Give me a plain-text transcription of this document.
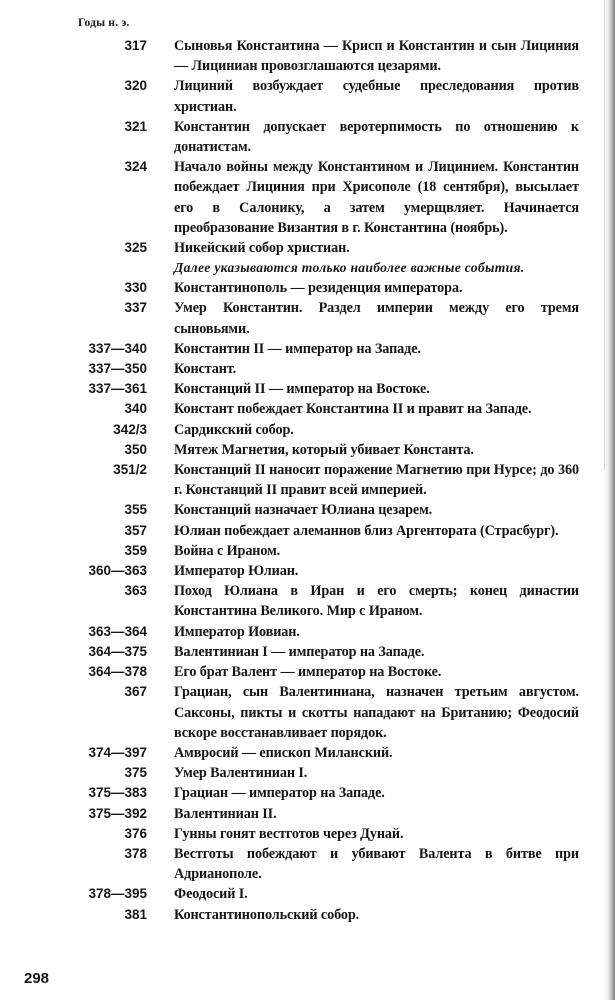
Годы н. э.
317	Сыновья Константина — Крисп и Константин и сын Лициния — Лициниан провозглашаются цезарями.
320	Лициний возбуждает судебные преследования против христиан.
321	Константин допускает веротерпимость по отношению к донатистам.
324	Начало войны между Константином и Лицинием. Константин побеждает Лициния при Хрисополе (18 сентября), высылает его в Салонику, а затем умерщвляет. Начинается преобразование Византия в г. Константина (ноябрь).
325	Никейский собор христиан.
Далее указываются только наиболее важные события.
330	Константинополь — резиденция императора.
337	Умер Константин. Раздел империи между его тремя сыновьями.
337—340	Константин II — император на Западе.
337—350	Констант.
337—361	Констанций II — император на Востоке.
340	Констант побеждает Константина II и правит на Западе.
342/3	Сардикский собор.
350	Мятеж Магнетия, который убивает Константа.
351/2	Констанций II наносит поражение Магнетию при Нурсе; до 360 г. Констанций II правит всей империей.
355	Констанций назначает Юлиана цезарем.
357	Юлиан побеждает алеманнов близ Аргентората (Страсбург).
359	Война с Ираном.
360—363	Император Юлиан.
363	Поход Юлиана в Иран и его смерть; конец династии Константина Великого. Мир с Ираном.
363—364	Император Иовиан.
364—375	Валентиниан I — император на Западе.
364—378	Его брат Валент — император на Востоке.
367	Грациан, сын Валентиниана, назначен третьим августом. Саксоны, пикты и скотты нападают на Британию; Феодосий вскоре восстанавливает порядок.
374—397	Амвросий — епископ Миланский.
375	Умер Валентиниан I.
375—383	Грациан — император на Западе.
375—392	Валентиниан II.
376	Гунны гонят вестготов через Дунай.
378	Вестготы побеждают и убивают Валента в битве при Адрианополе.
378—395	Феодосий I.
381	Константинопольский собор.
298
